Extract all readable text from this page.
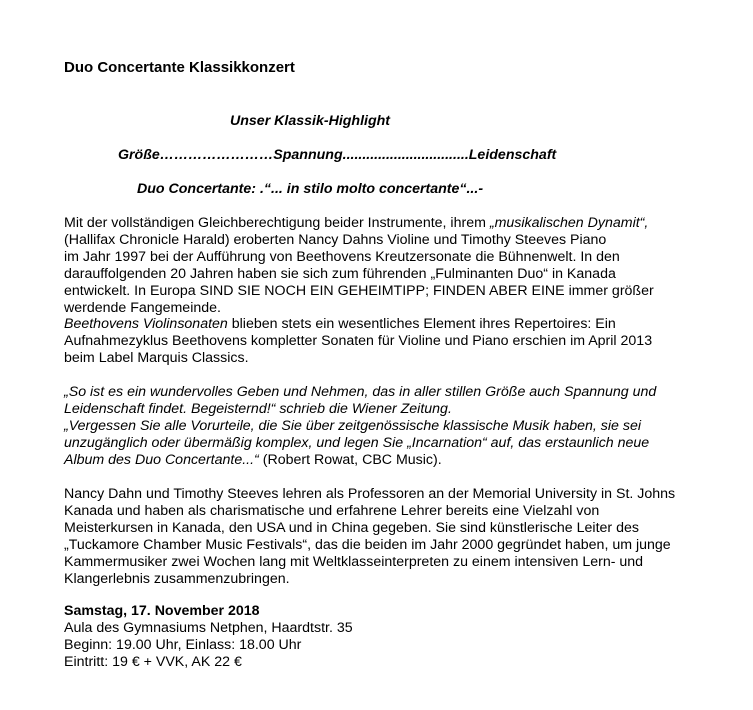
Duo Concertante Klassikkonzert
Unser Klassik-Highlight
Größe……………………Spannung................................Leidenschaft
Duo Concertante: .“... in stilo molto concertante“...-
Mit der vollständigen Gleichberechtigung beider Instrumente, ihrem „musikalischen Dynamit“,
(Hallifax Chronicle Harald) eroberten Nancy Dahns Violine und Timothy Steeves Piano
im Jahr 1997 bei der Aufführung von Beethovens Kreutzersonate die Bühnenwelt. In den
darauffolgenden 20 Jahren haben sie sich zum führenden „Fulminanten Duo“ in Kanada
entwickelt. In Europa SIND SIE NOCH EIN GEHEIMTIPP; FINDEN ABER EINE immer größer
werdende Fangemeinde.
Beethovens Violinsonaten blieben stets ein wesentliches Element ihres Repertoires: Ein
Aufnahmezyklus Beethovens kompletter Sonaten für Violine und Piano erschien im April 2013
beim Label Marquis Classics.
„So ist es ein wundervolles Geben und Nehmen, das in aller stillen Größe auch Spannung und
Leidenschaft findet. Begeisternd!“ schrieb die Wiener Zeitung.
„Vergessen Sie alle Vorurteile, die Sie über zeitgenössische klassische Musik haben, sie sei
unzugänglich oder übermäßig komplex, und legen Sie „Incarnation“ auf, das erstaunlich neue
Album des Duo Concertante...“ (Robert Rowat, CBC Music).
Nancy Dahn und Timothy Steeves lehren als Professoren an der Memorial University in St. Johns
Kanada und haben als charismatische und erfahrene Lehrer bereits eine Vielzahl von
Meisterkursen in Kanada, den USA und in China gegeben. Sie sind künstlerische Leiter des
„Tuckamore Chamber Music Festivals“, das die beiden im Jahr 2000 gegründet haben, um junge
Kammermusiker zwei Wochen lang mit Weltklasseinterpreten zu einem intensiven Lern- und
Klangerlebnis zusammenzubringen.
Samstag, 17. November 2018
Aula des Gymnasiums Netphen, Haardtstr. 35
Beginn: 19.00 Uhr, Einlass: 18.00 Uhr
Eintritt: 19 € + VVK, AK 22 €
